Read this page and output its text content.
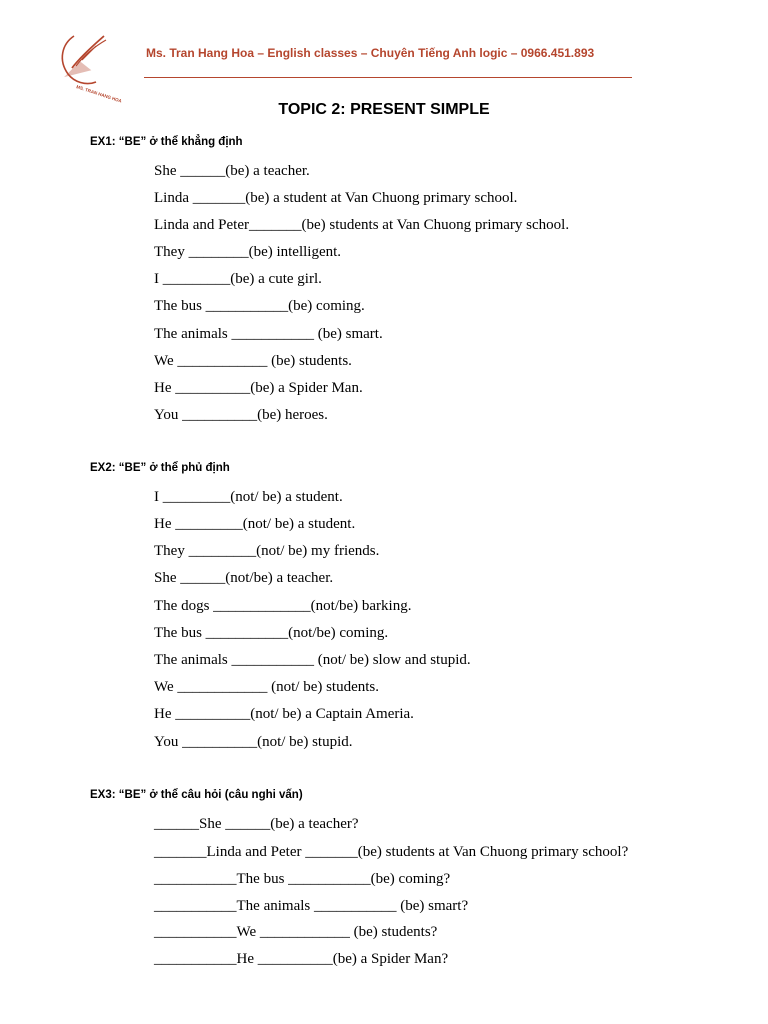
MS. TRAN HANG HOA
Ms. Tran Hang Hoa – English classes – Chuyên Tiếng Anh logic – 0966.451.893
TOPIC 2: PRESENT SIMPLE
EX1: “BE” ở thể khẳng định
She ______(be) a teacher.
Linda _______(be) a student at Van Chuong primary school.
Linda and Peter_______(be) students at Van Chuong primary school.
They ________(be) intelligent.
I _________(be) a cute girl.
The bus ___________(be) coming.
The animals ___________ (be) smart.
We ____________ (be) students.
He __________(be) a Spider Man.
You __________(be) heroes.
EX2: “BE” ở thể phủ định
I _________(not/ be) a student.
He _________(not/ be) a student.
They _________(not/ be) my friends.
She ______(not/be) a teacher.
The dogs _____________(not/be) barking.
The bus ___________(not/be) coming.
The animals ___________ (not/ be) slow and stupid.
We ____________ (not/ be) students.
He __________(not/ be) a Captain Ameria.
You __________(not/ be) stupid.
EX3: “BE” ở thể câu hỏi (câu nghi vấn)
______She ______(be) a teacher?
_______Linda and Peter _______(be) students at Van Chuong primary school?
___________The bus ___________(be) coming?
___________The animals ___________ (be) smart?
___________We ____________ (be) students?
___________He __________(be) a Spider Man?
